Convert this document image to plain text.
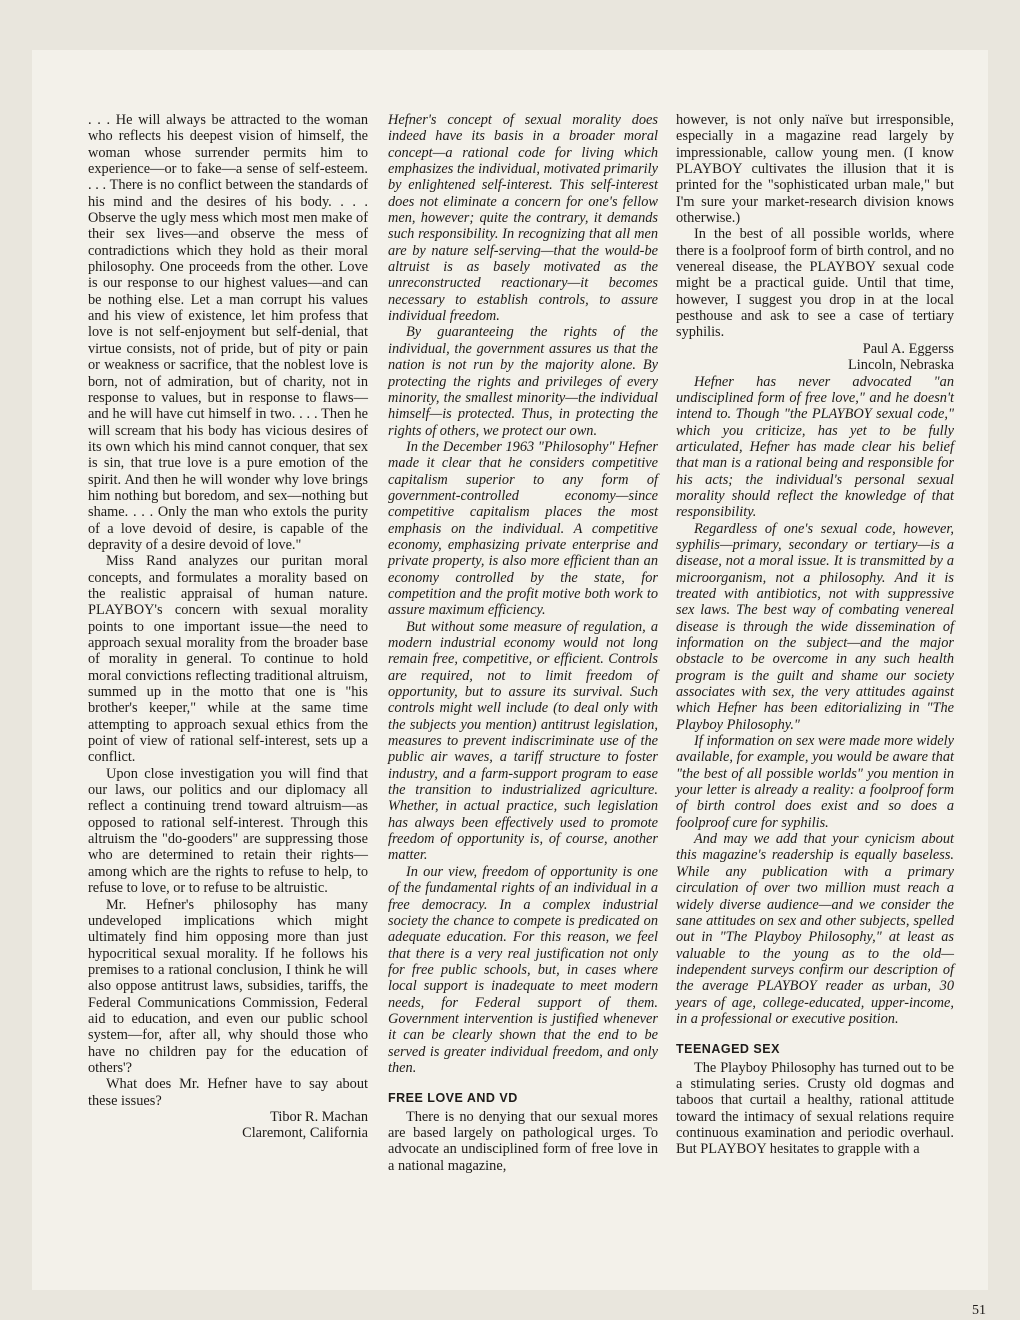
. . . He will always be attracted to the woman who reflects his deepest vision of himself, the woman whose surrender permits him to experience—or to fake—a sense of self-esteem. . . . There is no conflict between the standards of his mind and the desires of his body. . . . Observe the ugly mess which most men make of their sex lives—and observe the mess of contradictions which they hold as their moral philosophy. One proceeds from the other. Love is our response to our highest values—and can be nothing else. Let a man corrupt his values and his view of existence, let him profess that love is not self-enjoyment but self-denial, that virtue consists, not of pride, but of pity or pain or weakness or sacrifice, that the noblest love is born, not of admiration, but of charity, not in response to values, but in response to flaws—and he will have cut himself in two. . . . Then he will scream that his body has vicious desires of its own which his mind cannot conquer, that sex is sin, that true love is a pure emotion of the spirit. And then he will wonder why love brings him nothing but boredom, and sex—nothing but shame. . . . Only the man who extols the purity of a love devoid of desire, is capable of the depravity of a desire devoid of love."

Miss Rand analyzes our puritan moral concepts, and formulates a morality based on the realistic appraisal of human nature. PLAYBOY's concern with sexual morality points to one important issue—the need to approach sexual morality from the broader base of morality in general. To continue to hold moral convictions reflecting traditional altruism, summed up in the motto that one is "his brother's keeper," while at the same time attempting to approach sexual ethics from the point of view of rational self-interest, sets up a conflict.

Upon close investigation you will find that our laws, our politics and our diplomacy all reflect a continuing trend toward altruism—as opposed to rational self-interest. Through this altruism the "do-gooders" are suppressing those who are determined to retain their rights—among which are the rights to refuse to help, to refuse to love, or to refuse to be altruistic.

Mr. Hefner's philosophy has many undeveloped implications which might ultimately find him opposing more than just hypocritical sexual morality. If he follows his premises to a rational conclusion, I think he will also oppose antitrust laws, subsidies, tariffs, the Federal Communications Commission, Federal aid to education, and even our public school system—for, after all, why should those who have no children pay for the education of others'?

What does Mr. Hefner have to say about these issues?

Tibor R. Machan
Claremont, California

Hefner's concept of sexual morality does indeed have its basis in a broader moral concept—a rational code for living which emphasizes the individual, motivated primarily by enlightened self-interest. This self-interest does not eliminate a concern for one's fellow men, however; quite the contrary, it demands such responsibility. In recognizing that all men are by nature self-serving—that the would-be altruist is as basely motivated as the unreconstructed reactionary—it becomes necessary to establish controls, to assure individual freedom.

By guaranteeing the rights of the individual, the government assures us that the nation is not run by the majority alone. By protecting the rights and privileges of every minority, the smallest minority—the individual himself—is protected. Thus, in protecting the rights of others, we protect our own.

In the December 1963 "Philosophy" Hefner made it clear that he considers competitive capitalism superior to any form of government-controlled economy—since competitive capitalism places the most emphasis on the individual. A competitive economy, emphasizing private enterprise and private property, is also more efficient than an economy controlled by the state, for competition and the profit motive both work to assure maximum efficiency.

But without some measure of regulation, a modern industrial economy would not long remain free, competitive, or efficient. Controls are required, not to limit freedom of opportunity, but to assure its survival. Such controls might well include (to deal only with the subjects you mention) antitrust legislation, measures to prevent indiscriminate use of the public air waves, a tariff structure to foster industry, and a farm-support program to ease the transition to industrialized agriculture. Whether, in actual practice, such legislation has always been effectively used to promote freedom of opportunity is, of course, another matter.

In our view, freedom of opportunity is one of the fundamental rights of an individual in a free democracy. In a complex industrial society the chance to compete is predicated on adequate education. For this reason, we feel that there is a very real justification not only for free public schools, but, in cases where local support is inadequate to meet modern needs, for Federal support of them. Government intervention is justified whenever it can be clearly shown that the end to be served is greater individual freedom, and only then.

FREE LOVE AND VD

There is no denying that our sexual mores are based largely on pathological urges. To advocate an undisciplined form of free love in a national magazine,

however, is not only naïve but irresponsible, especially in a magazine read largely by impressionable, callow young men. (I know PLAYBOY cultivates the illusion that it is printed for the "sophisticated urban male," but I'm sure your market-research division knows otherwise.)

In the best of all possible worlds, where there is a foolproof form of birth control, and no venereal disease, the PLAYBOY sexual code might be a practical guide. Until that time, however, I suggest you drop in at the local pesthouse and ask to see a case of tertiary syphilis.

Paul A. Eggerss
Lincoln, Nebraska

Hefner has never advocated "an undisciplined form of free love," and he doesn't intend to. Though "the PLAYBOY sexual code," which you criticize, has yet to be fully articulated, Hefner has made clear his belief that man is a rational being and responsible for his acts; the individual's personal sexual morality should reflect the knowledge of that responsibility.

Regardless of one's sexual code, however, syphilis—primary, secondary or tertiary—is a disease, not a moral issue. It is transmitted by a microorganism, not a philosophy. And it is treated with antibiotics, not with suppressive sex laws. The best way of combating venereal disease is through the wide dissemination of information on the subject—and the major obstacle to be overcome in any such health program is the guilt and shame our society associates with sex, the very attitudes against which Hefner has been editorializing in "The Playboy Philosophy."

If information on sex were made more widely available, for example, you would be aware that "the best of all possible worlds" you mention in your letter is already a reality: a foolproof form of birth control does exist and so does a foolproof cure for syphilis.

And may we add that your cynicism about this magazine's readership is equally baseless. While any publication with a primary circulation of over two million must reach a widely diverse audience—and we consider the sane attitudes on sex and other subjects, spelled out in "The Playboy Philosophy," at least as valuable to the young as to the old—independent surveys confirm our description of the average PLAYBOY reader as urban, 30 years of age, college-educated, upper-income, in a professional or executive position.

TEENAGED SEX

The Playboy Philosophy has turned out to be a stimulating series. Crusty old dogmas and taboos that curtail a healthy, rational attitude toward the intimacy of sexual relations require continuous examination and periodic overhaul. But PLAYBOY hesitates to grapple with a

51
